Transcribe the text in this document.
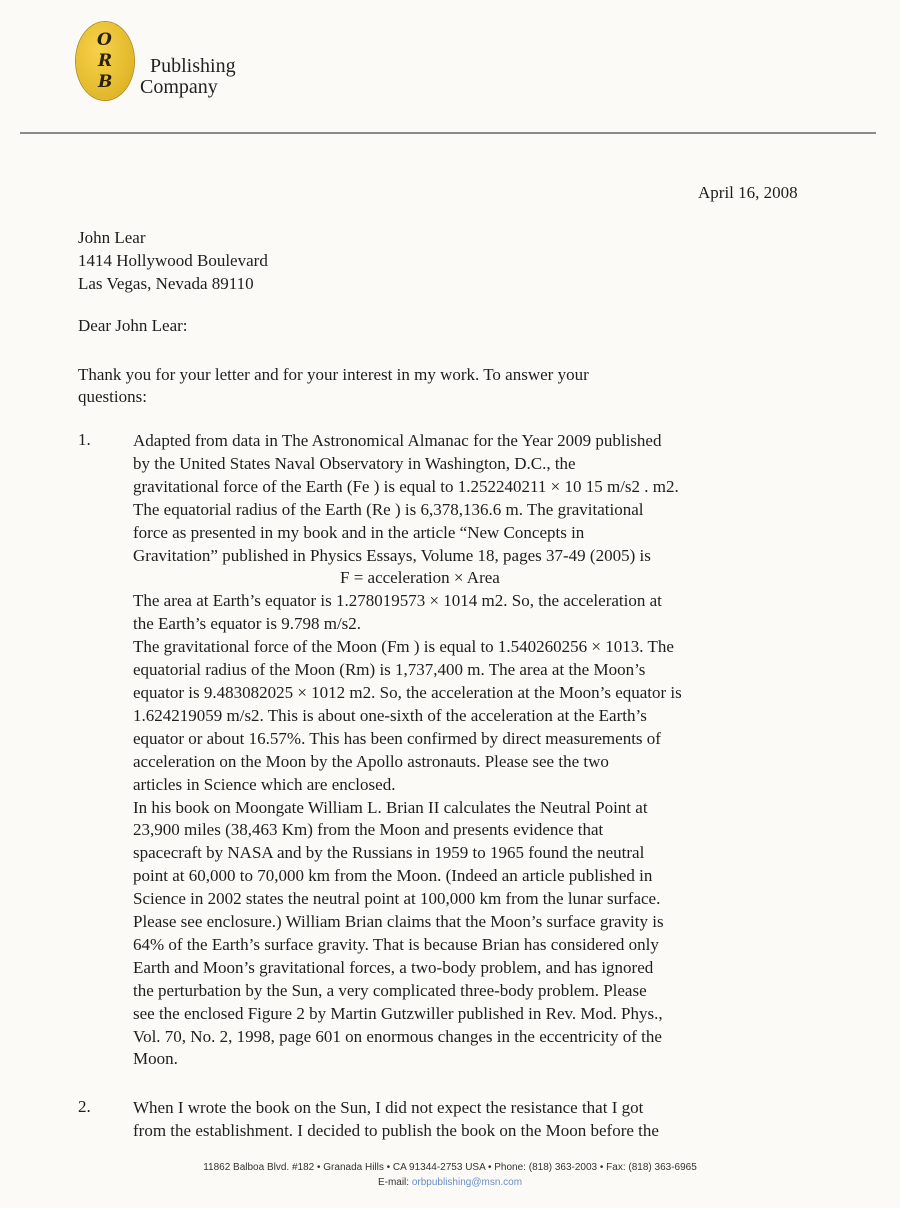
O
R
B
Publishing
Company
April 16, 2008
John Lear
1414 Hollywood Boulevard
Las Vegas, Nevada 89110
Dear John Lear:
Thank you for your letter and for your interest in my work. To answer your
questions:
1. Adapted from data in The Astronomical Almanac for the Year 2009 published
by the United States Naval Observatory in Washington, D.C., the
gravitational force of the Earth (Fe ) is equal to 1.252240211 × 10 15 m/s2 . m2.
The equatorial radius of the Earth (Re ) is 6,378,136.6 m. The gravitational
force as presented in my book and in the article “New Concepts in
Gravitation” published in Physics Essays, Volume 18, pages 37-49 (2005) is
F = acceleration × Area
The area at Earth’s equator is 1.278019573 × 1014 m2. So, the acceleration at
the Earth’s equator is 9.798 m/s2.
The gravitational force of the Moon (Fm ) is equal to 1.540260256 × 1013. The
equatorial radius of the Moon (Rm) is 1,737,400 m. The area at the Moon’s
equator is 9.483082025 × 1012 m2. So, the acceleration at the Moon’s equator is
1.624219059 m/s2. This is about one-sixth of the acceleration at the Earth’s
equator or about 16.57%. This has been confirmed by direct measurements of
acceleration on the Moon by the Apollo astronauts. Please see the two
articles in Science which are enclosed.
In his book on Moongate William L. Brian II calculates the Neutral Point at
23,900 miles (38,463 Km) from the Moon and presents evidence that
spacecraft by NASA and by the Russians in 1959 to 1965 found the neutral
point at 60,000 to 70,000 km from the Moon. (Indeed an article published in
Science in 2002 states the neutral point at 100,000 km from the lunar surface.
Please see enclosure.) William Brian claims that the Moon’s surface gravity is
64% of the Earth’s surface gravity. That is because Brian has considered only
Earth and Moon’s gravitational forces, a two-body problem, and has ignored
the perturbation by the Sun, a very complicated three-body problem. Please
see the enclosed Figure 2 by Martin Gutzwiller published in Rev. Mod. Phys.,
Vol. 70, No. 2, 1998, page 601 on enormous changes in the eccentricity of the
Moon.
2. When I wrote the book on the Sun, I did not expect the resistance that I got
from the establishment. I decided to publish the book on the Moon before the
11862 Balboa Blvd. #182 • Granada Hills • CA 91344-2753 USA • Phone: (818) 363-2003 • Fax: (818) 363-6965
E-mail: orbpublishing@msn.com
